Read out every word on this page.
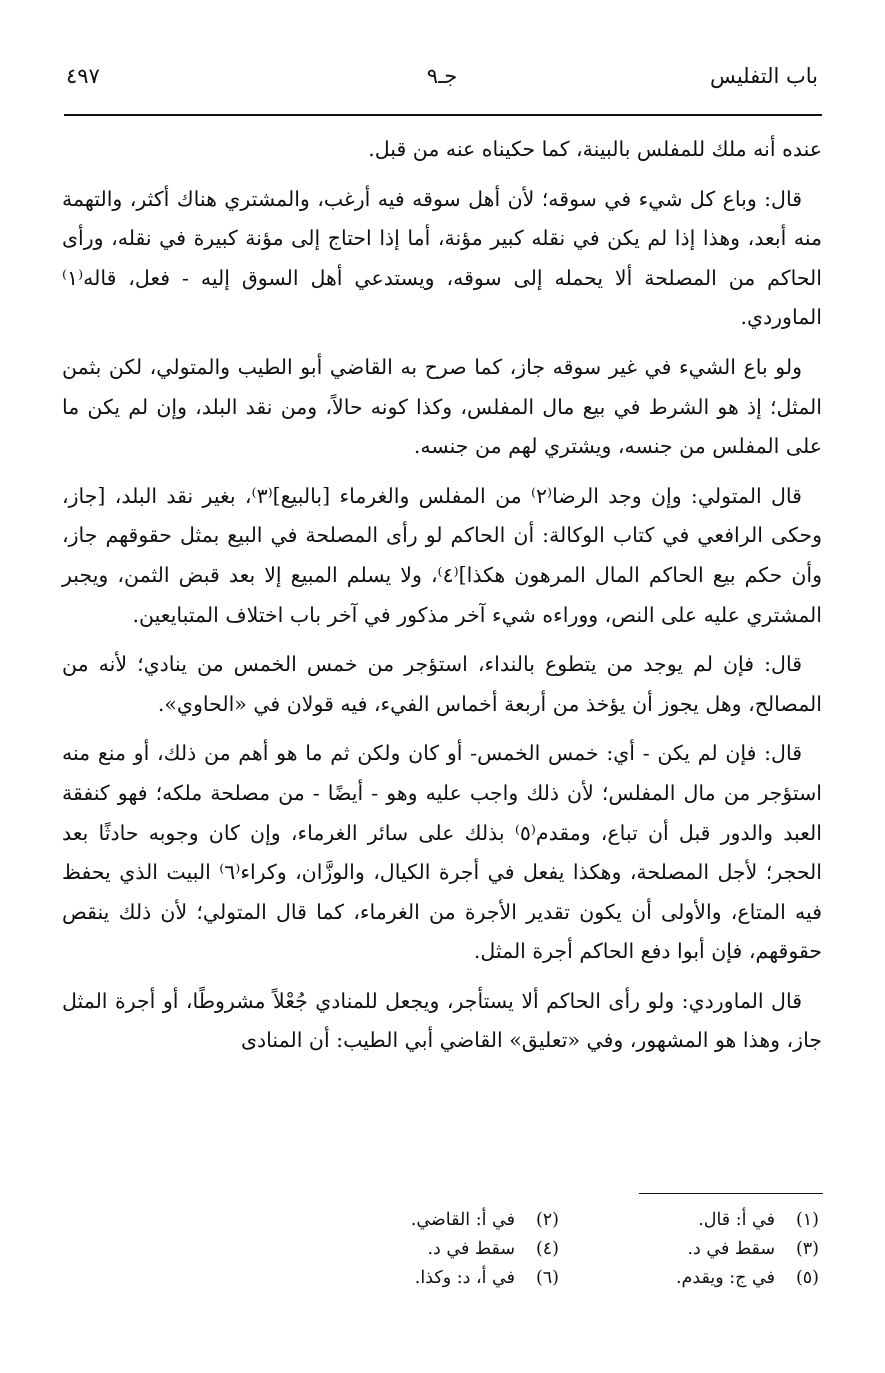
باب التفليس
جـ٩
٤٩٧

عنده أنه ملك للمفلس بالبينة، كما حكيناه عنه من قبل.

قال: وباع كل شيء في سوقه؛ لأن أهل سوقه فيه أرغب، والمشتري هناك أكثر، والتهمة منه أبعد، وهذا إذا لم يكن في نقله كبير مؤنة، أما إذا احتاج إلى مؤنة كبيرة في نقله، ورأى الحاكم من المصلحة ألا يحمله إلى سوقه، ويستدعي أهل السوق إليه - فعل، قاله⁽١⁾ الماوردي.

ولو باع الشيء في غير سوقه جاز، كما صرح به القاضي أبو الطيب والمتولي، لكن بثمن المثل؛ إذ هو الشرط في بيع مال المفلس، وكذا كونه حالاً، ومن نقد البلد، وإن لم يكن ما على المفلس من جنسه، ويشتري لهم من جنسه.

قال المتولي: وإن وجد الرضا⁽٢⁾ من المفلس والغرماء [بالبيع]⁽٣⁾، بغير نقد البلد، [جاز، وحكى الرافعي في كتاب الوكالة: أن الحاكم لو رأى المصلحة في البيع بمثل حقوقهم جاز، وأن حكم بيع الحاكم المال المرهون هكذا]⁽٤⁾، ولا يسلم المبيع إلا بعد قبض الثمن، ويجبر المشتري عليه على النص، ووراءه شيء آخر مذكور في آخر باب اختلاف المتبايعين.

قال: فإن لم يوجد من يتطوع بالنداء، استؤجر من خمس الخمس من ينادي؛ لأنه من المصالح، وهل يجوز أن يؤخذ من أربعة أخماس الفيء، فيه قولان في «الحاوي».

قال: فإن لم يكن - أي: خمس الخمس- أو كان ولكن ثم ما هو أهم من ذلك، أو منع منه استؤجر من مال المفلس؛ لأن ذلك واجب عليه وهو - أيضًا - من مصلحة ملكه؛ فهو كنفقة العبد والدور قبل أن تباع، ومقدم⁽٥⁾ بذلك على سائر الغرماء، وإن كان وجوبه حادثًا بعد الحجر؛ لأجل المصلحة، وهكذا يفعل في أجرة الكيال، والوزَّان، وكراء⁽٦⁾ البيت الذي يحفظ فيه المتاع، والأولى أن يكون تقدير الأجرة من الغرماء، كما قال المتولي؛ لأن ذلك ينقص حقوقهم، فإن أبوا دفع الحاكم أجرة المثل.

قال الماوردي: ولو رأى الحاكم ألا يستأجر، ويجعل للمنادي جُعْلاً مشروطًا، أو أجرة المثل جاز، وهذا هو المشهور، وفي «تعليق» القاضي أبي الطيب: أن المنادى

(١)في أ: قال.
(٢)في أ: القاضي.
(٣)سقط في د.
(٤)سقط في د.
(٥)في ج: ويقدم.
(٦)في أ، د: وكذا.
